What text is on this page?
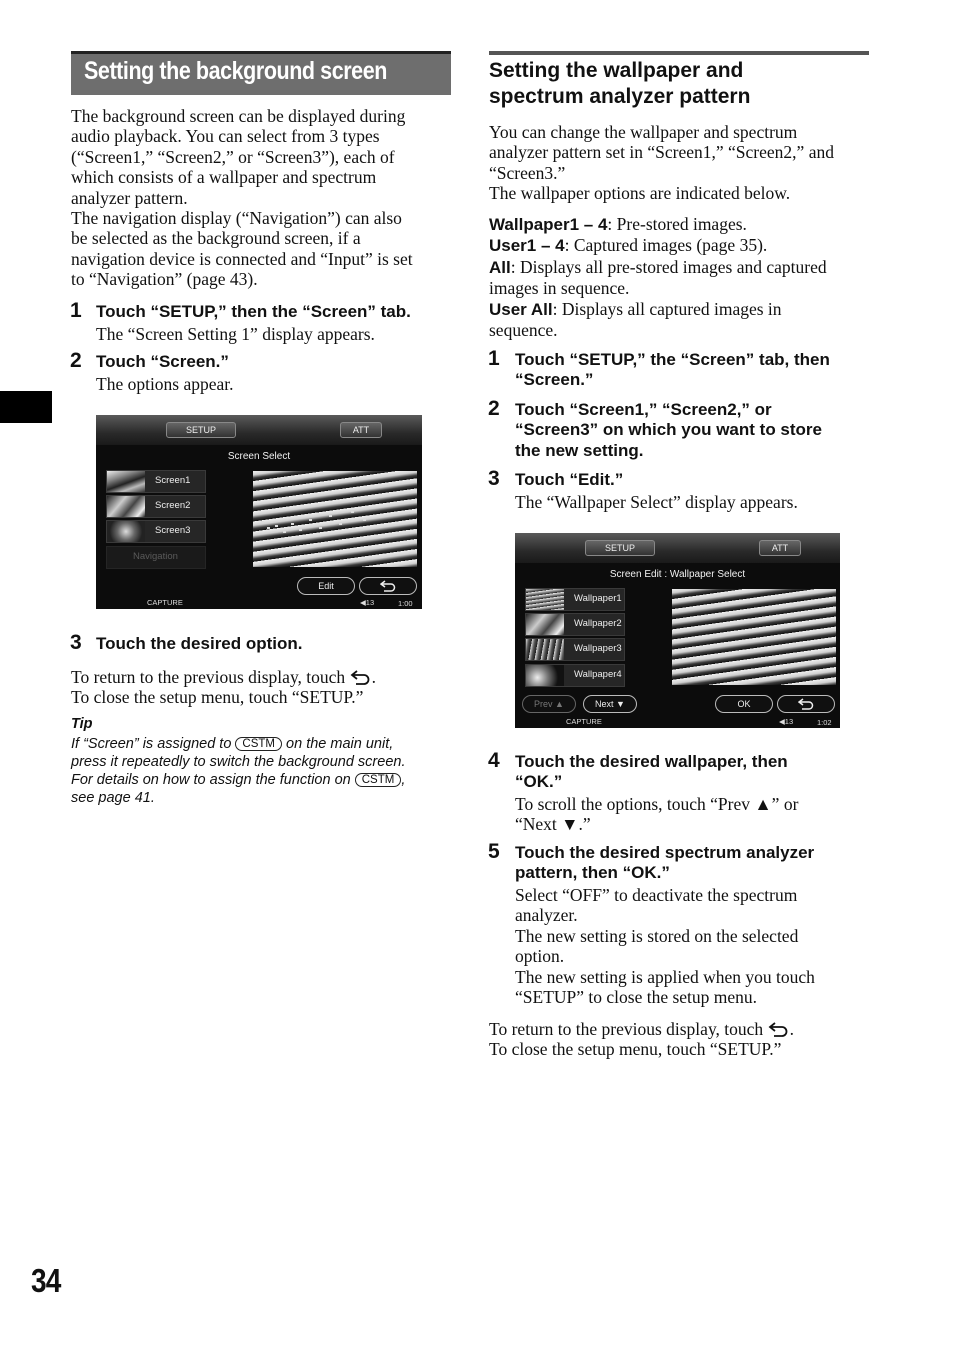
Setting the background screen
The background screen can be displayed during
audio playback. You can select from 3 types
(“Screen1,” “Screen2,” or “Screen3”), each of
which consists of a wallpaper and spectrum
analyzer pattern.
The navigation display (“Navigation”) can also
be selected as the background screen, if a
navigation device is connected and “Input” is set
to “Navigation” (page 43).
1 Touch “SETUP,” then the “Screen” tab.
The “Screen Setting 1” display appears.
2 Touch “Screen.”
The options appear.
SETUP	ATT
Screen Select
Screen1
Screen2
Screen3
Navigation
Edit
CAPTURE	◀13	1:00
3 Touch the desired option.
To return to the previous display, touch .
To close the setup menu, touch “SETUP.”
Tip
If “Screen” is assigned to CSTM on the main unit,
press it repeatedly to switch the background screen.
For details on how to assign the function on CSTM ,
see page 41.
Setting the wallpaper and
spectrum analyzer pattern
You can change the wallpaper and spectrum
analyzer pattern set in “Screen1,” “Screen2,” and
“Screen3.”
The wallpaper options are indicated below.
Wallpaper1 – 4: Pre-stored images.
User1 – 4: Captured images (page 35).
All: Displays all pre-stored images and captured
images in sequence.
User All: Displays all captured images in
sequence.
1 Touch “SETUP,” the “Screen” tab, then
“Screen.”
2 Touch “Screen1,” “Screen2,” or
“Screen3” on which you want to store
the new setting.
3 Touch “Edit.”
The “Wallpaper Select” display appears.
SETUP	ATT
Screen Edit : Wallpaper Select
Wallpaper1
Wallpaper2
Wallpaper3
Wallpaper4
Prev ▲	Next ▼	OK
CAPTURE	◀13	1:02
4 Touch the desired wallpaper, then
“OK.”
To scroll the options, touch “Prev ▲” or
“Next ▼.”
5 Touch the desired spectrum analyzer
pattern, then “OK.”
Select “OFF” to deactivate the spectrum
analyzer.
The new setting is stored on the selected
option.
The new setting is applied when you touch
“SETUP” to close the setup menu.
To return to the previous display, touch .
To close the setup menu, touch “SETUP.”
34
